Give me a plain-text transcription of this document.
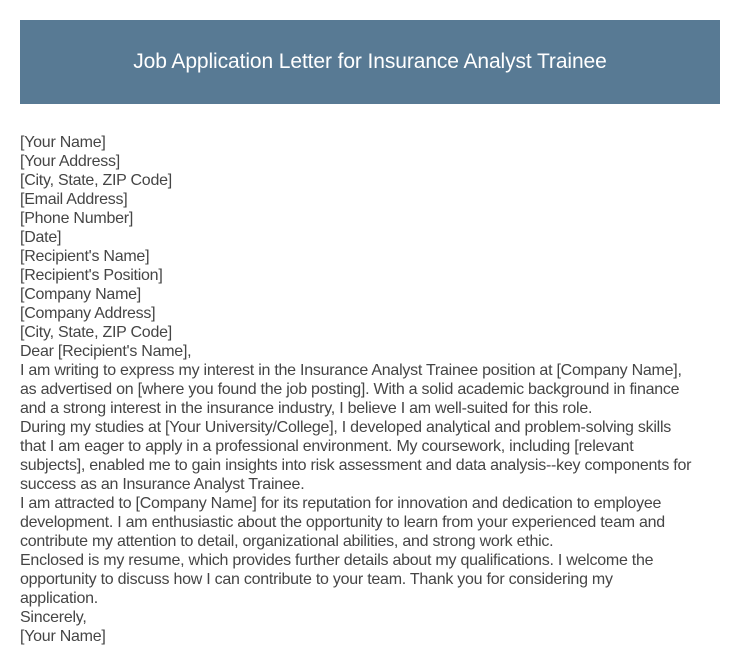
Job Application Letter for Insurance Analyst Trainee
[Your Name]
[Your Address]
[City, State, ZIP Code]
[Email Address]
[Phone Number]
[Date]
[Recipient's Name]
[Recipient's Position]
[Company Name]
[Company Address]
[City, State, ZIP Code]
Dear [Recipient's Name],

I am writing to express my interest in the Insurance Analyst Trainee position at [Company Name],
as advertised on [where you found the job posting]. With a solid academic background in finance
and a strong interest in the insurance industry, I believe I am well-suited for this role.

During my studies at [Your University/College], I developed analytical and problem-solving skills
that I am eager to apply in a professional environment. My coursework, including [relevant
subjects], enabled me to gain insights into risk assessment and data analysis--key components for
success as an Insurance Analyst Trainee.

I am attracted to [Company Name] for its reputation for innovation and dedication to employee
development. I am enthusiastic about the opportunity to learn from your experienced team and
contribute my attention to detail, organizational abilities, and strong work ethic.

Enclosed is my resume, which provides further details about my qualifications. I welcome the
opportunity to discuss how I can contribute to your team. Thank you for considering my
application.

Sincerely,
[Your Name]
